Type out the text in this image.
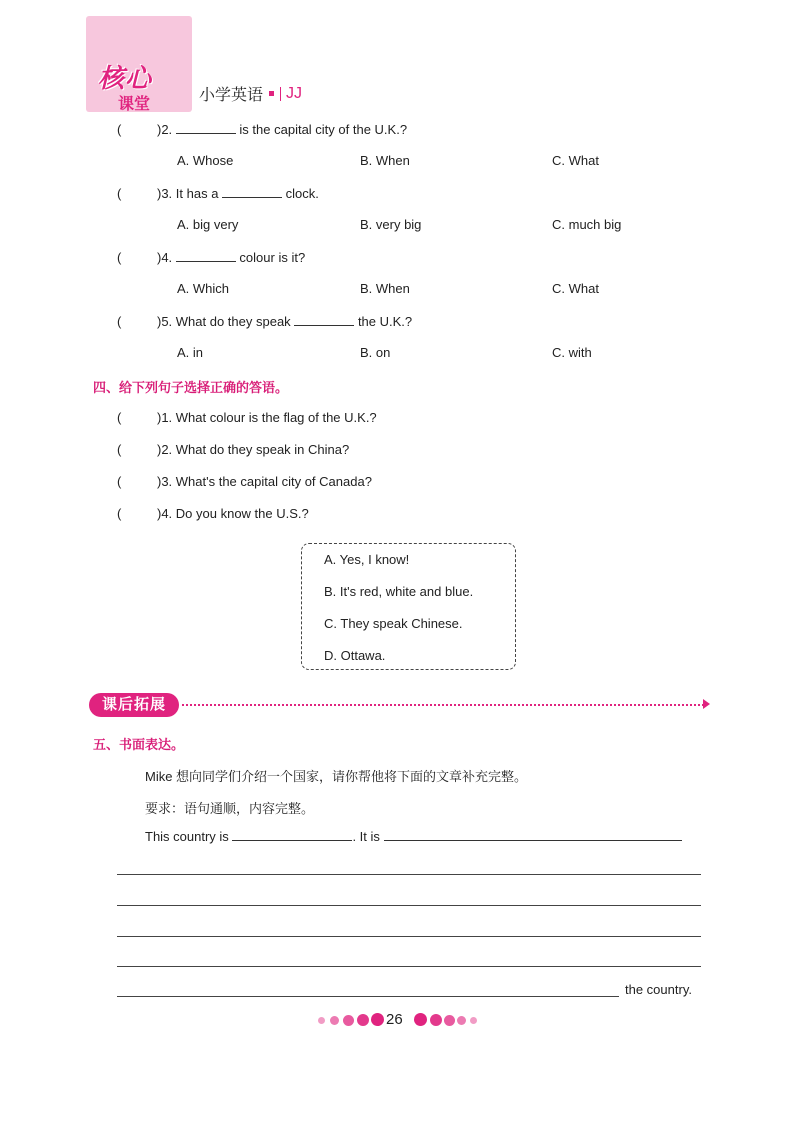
核心
课堂	小学英语 JJ
(	)2.	is the capital city of the U.K.?
A. Whose	B. When	C. What
(	)3. It has a	clock.
A. big very	B. very big	C. much big
(	)4.	colour is it?
A. Which	B. When	C. What
(	)5. What do they speak	the U.K.?
A. in	B. on	C. with
四、给下列句子选择正确的答语。
(	)1. What colour is the flag of the U.K.?
(	)2. What do they speak in China?
(	)3. What's the capital city of Canada?
(	)4. Do you know the U.S.?
A. Yes, I know!
B. It's red, white and blue.
C. They speak Chinese.
D. Ottawa.
课后拓展
五、书面表达。
Mike 想向同学们介绍一个国家，请你帮他将下面的文章补充完整。
要求：语句通顺，内容完整。
This country is	. It is
the country.
26
